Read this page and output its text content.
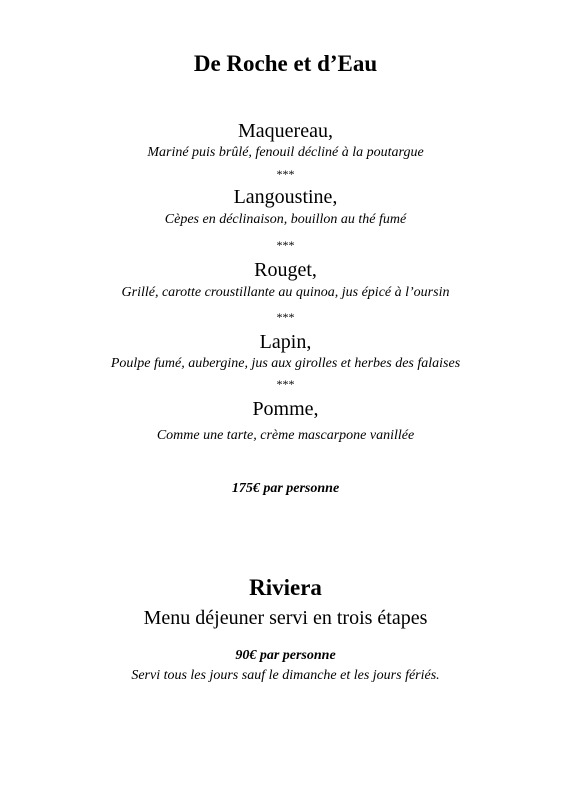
De Roche et d’Eau
Maquereau,
Mariné puis brûlé, fenouil décliné à la poutargue
***
Langoustine,
Cèpes en déclinaison, bouillon au thé fumé
***
Rouget,
Grillé, carotte croustillante au quinoa, jus épicé à l’oursin
***
Lapin,
Poulpe fumé, aubergine, jus aux girolles et herbes des falaises
***
Pomme,
Comme une tarte, crème mascarpone vanillée
175€ par personne
Riviera
Menu déjeuner servi en trois étapes
90€ par personne
Servi tous les jours sauf le dimanche et les jours fériés.
